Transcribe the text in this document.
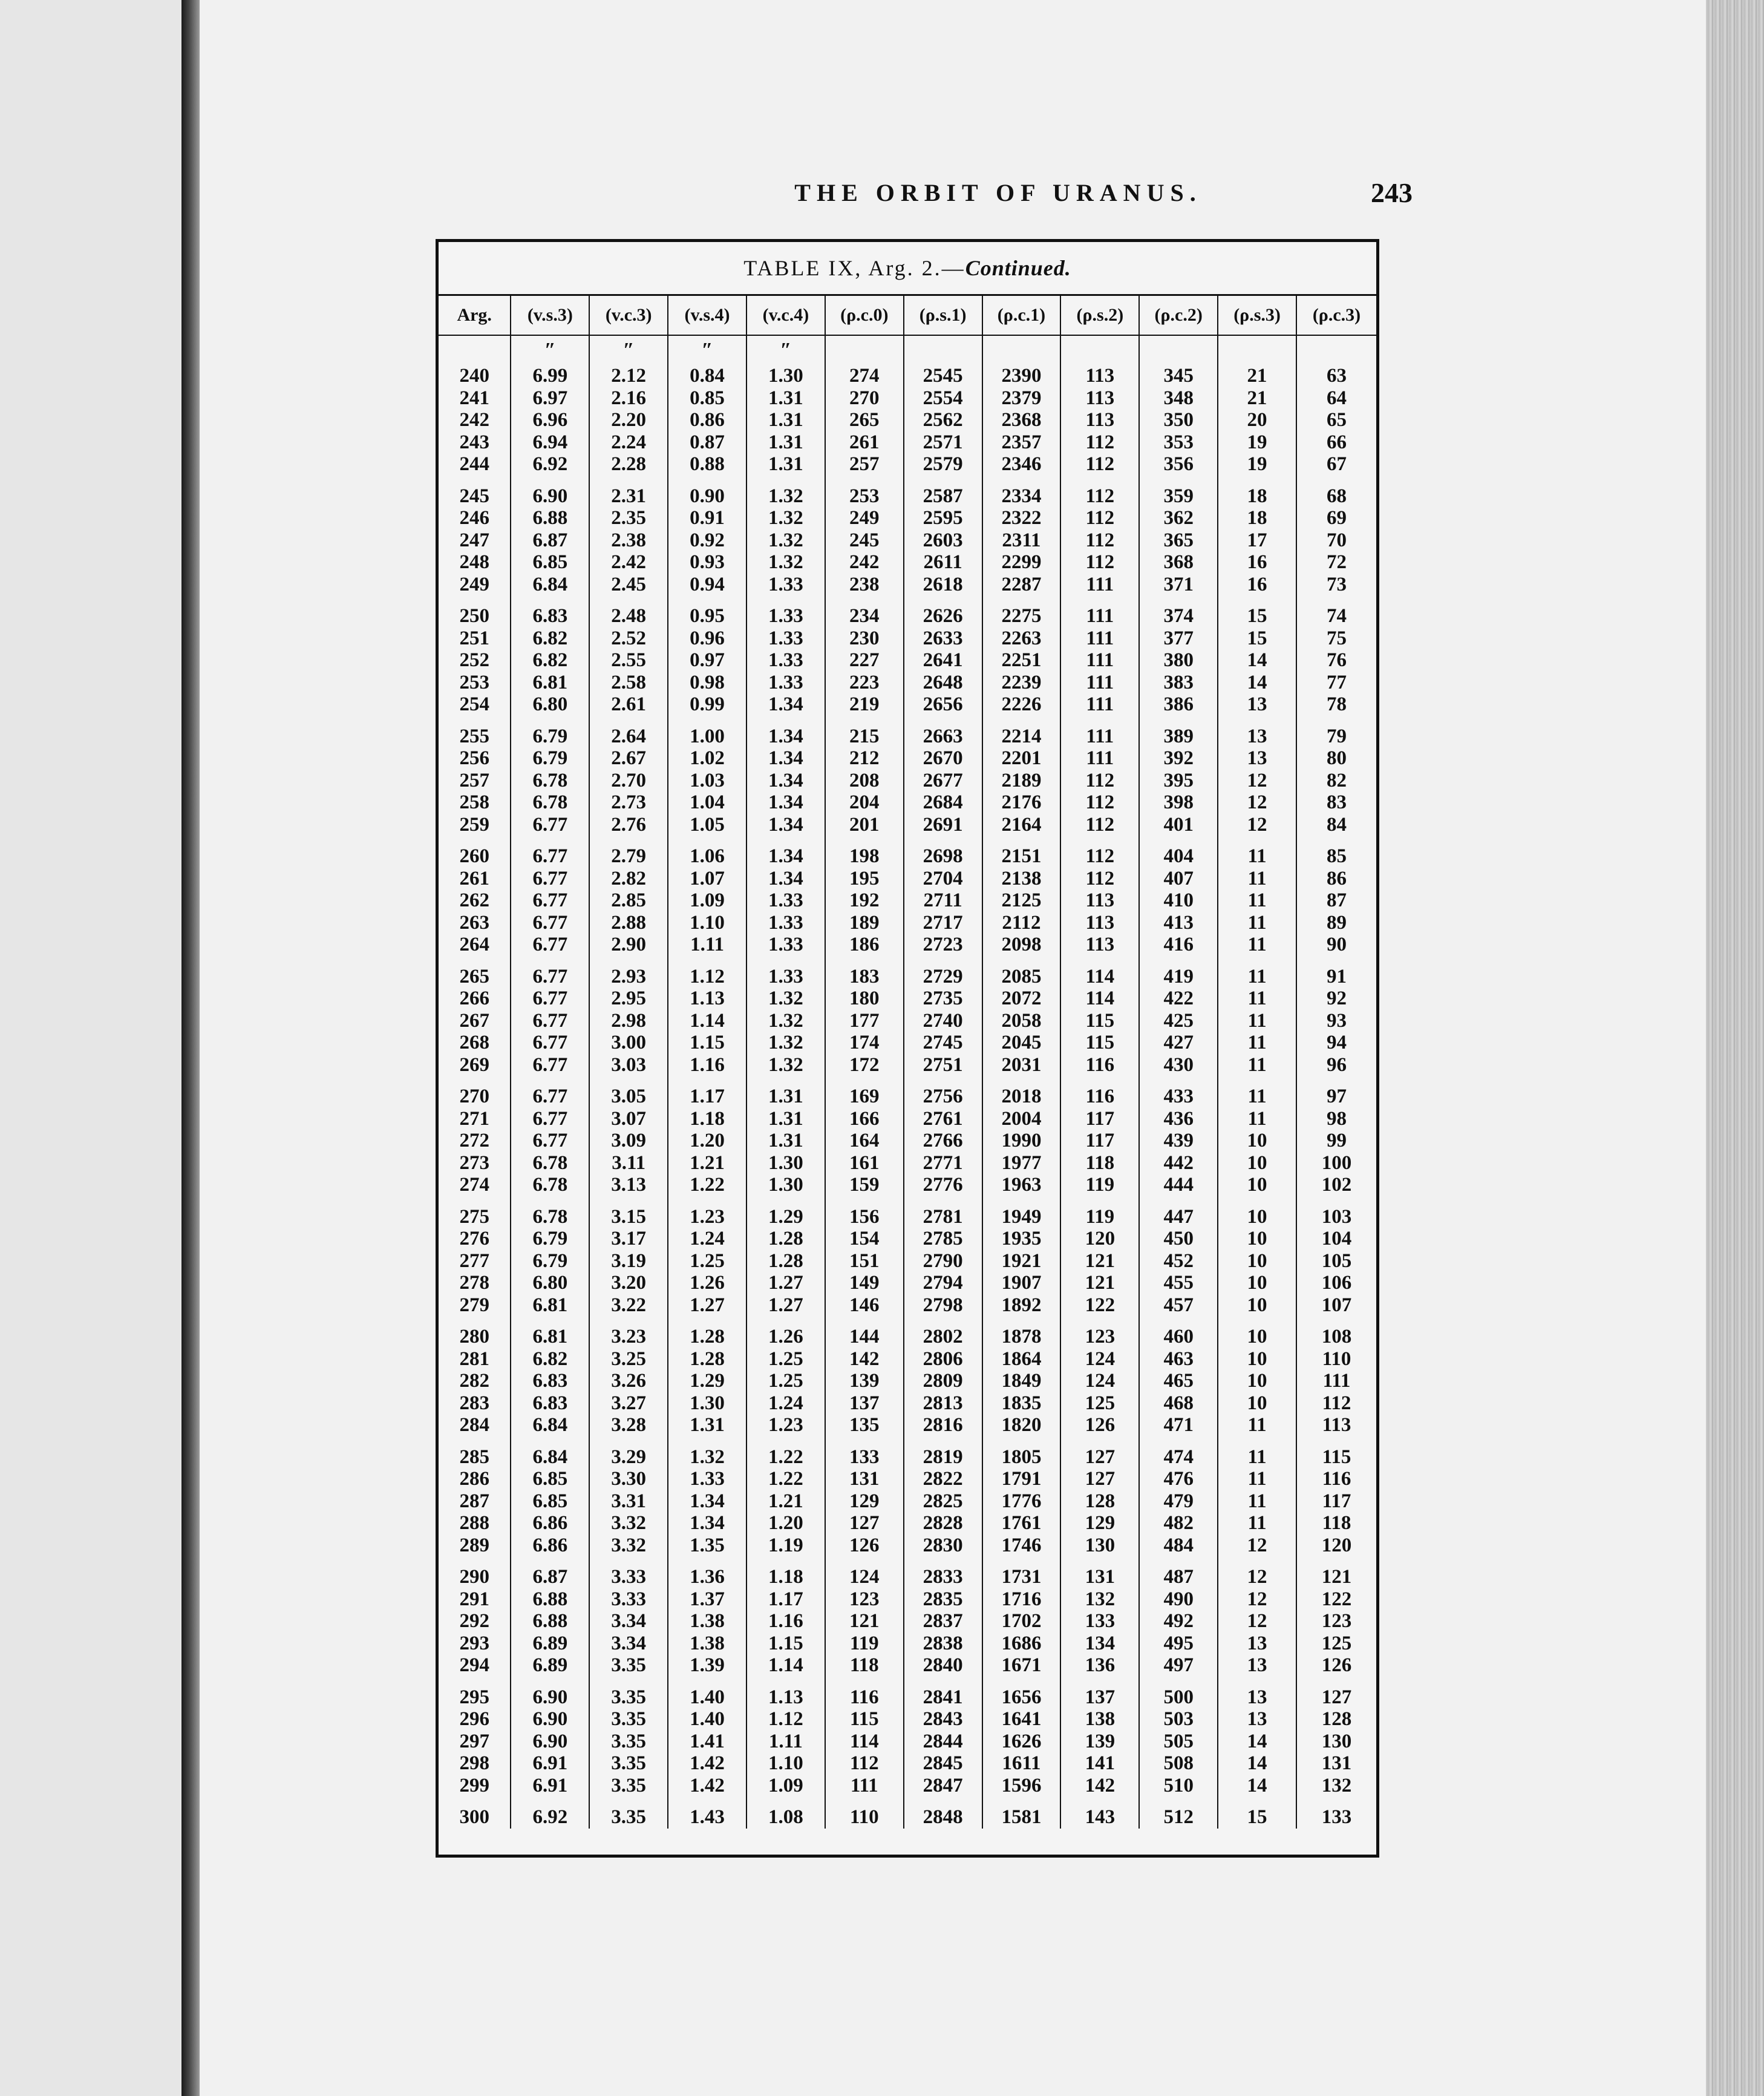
THE ORBIT OF URANUS.	243
TABLE IX, Arg. 2.—Continued.
Arg.	(v.s.3)	(v.c.3)	(v.s.4)	(v.c.4)	(ρ.c.0)	(ρ.s.1)	(ρ.c.1)	(ρ.s.2)	(ρ.c.2)	(ρ.s.3)	(ρ.c.3)
	″	″	″	″							
240	6.99	2.12	0.84	1.30	274	2545	2390	113	345	21	63
241	6.97	2.16	0.85	1.31	270	2554	2379	113	348	21	64
242	6.96	2.20	0.86	1.31	265	2562	2368	113	350	20	65
243	6.94	2.24	0.87	1.31	261	2571	2357	112	353	19	66
244	6.92	2.28	0.88	1.31	257	2579	2346	112	356	19	67

245	6.90	2.31	0.90	1.32	253	2587	2334	112	359	18	68
246	6.88	2.35	0.91	1.32	249	2595	2322	112	362	18	69
247	6.87	2.38	0.92	1.32	245	2603	2311	112	365	17	70
248	6.85	2.42	0.93	1.32	242	2611	2299	112	368	16	72
249	6.84	2.45	0.94	1.33	238	2618	2287	111	371	16	73

250	6.83	2.48	0.95	1.33	234	2626	2275	111	374	15	74
251	6.82	2.52	0.96	1.33	230	2633	2263	111	377	15	75
252	6.82	2.55	0.97	1.33	227	2641	2251	111	380	14	76
253	6.81	2.58	0.98	1.33	223	2648	2239	111	383	14	77
254	6.80	2.61	0.99	1.34	219	2656	2226	111	386	13	78

255	6.79	2.64	1.00	1.34	215	2663	2214	111	389	13	79
256	6.79	2.67	1.02	1.34	212	2670	2201	111	392	13	80
257	6.78	2.70	1.03	1.34	208	2677	2189	112	395	12	82
258	6.78	2.73	1.04	1.34	204	2684	2176	112	398	12	83
259	6.77	2.76	1.05	1.34	201	2691	2164	112	401	12	84

260	6.77	2.79	1.06	1.34	198	2698	2151	112	404	11	85
261	6.77	2.82	1.07	1.34	195	2704	2138	112	407	11	86
262	6.77	2.85	1.09	1.33	192	2711	2125	113	410	11	87
263	6.77	2.88	1.10	1.33	189	2717	2112	113	413	11	89
264	6.77	2.90	1.11	1.33	186	2723	2098	113	416	11	90

265	6.77	2.93	1.12	1.33	183	2729	2085	114	419	11	91
266	6.77	2.95	1.13	1.32	180	2735	2072	114	422	11	92
267	6.77	2.98	1.14	1.32	177	2740	2058	115	425	11	93
268	6.77	3.00	1.15	1.32	174	2745	2045	115	427	11	94
269	6.77	3.03	1.16	1.32	172	2751	2031	116	430	11	96

270	6.77	3.05	1.17	1.31	169	2756	2018	116	433	11	97
271	6.77	3.07	1.18	1.31	166	2761	2004	117	436	11	98
272	6.77	3.09	1.20	1.31	164	2766	1990	117	439	10	99
273	6.78	3.11	1.21	1.30	161	2771	1977	118	442	10	100
274	6.78	3.13	1.22	1.30	159	2776	1963	119	444	10	102

275	6.78	3.15	1.23	1.29	156	2781	1949	119	447	10	103
276	6.79	3.17	1.24	1.28	154	2785	1935	120	450	10	104
277	6.79	3.19	1.25	1.28	151	2790	1921	121	452	10	105
278	6.80	3.20	1.26	1.27	149	2794	1907	121	455	10	106
279	6.81	3.22	1.27	1.27	146	2798	1892	122	457	10	107

280	6.81	3.23	1.28	1.26	144	2802	1878	123	460	10	108
281	6.82	3.25	1.28	1.25	142	2806	1864	124	463	10	110
282	6.83	3.26	1.29	1.25	139	2809	1849	124	465	10	111
283	6.83	3.27	1.30	1.24	137	2813	1835	125	468	10	112
284	6.84	3.28	1.31	1.23	135	2816	1820	126	471	11	113

285	6.84	3.29	1.32	1.22	133	2819	1805	127	474	11	115
286	6.85	3.30	1.33	1.22	131	2822	1791	127	476	11	116
287	6.85	3.31	1.34	1.21	129	2825	1776	128	479	11	117
288	6.86	3.32	1.34	1.20	127	2828	1761	129	482	11	118
289	6.86	3.32	1.35	1.19	126	2830	1746	130	484	12	120

290	6.87	3.33	1.36	1.18	124	2833	1731	131	487	12	121
291	6.88	3.33	1.37	1.17	123	2835	1716	132	490	12	122
292	6.88	3.34	1.38	1.16	121	2837	1702	133	492	12	123
293	6.89	3.34	1.38	1.15	119	2838	1686	134	495	13	125
294	6.89	3.35	1.39	1.14	118	2840	1671	136	497	13	126

295	6.90	3.35	1.40	1.13	116	2841	1656	137	500	13	127
296	6.90	3.35	1.40	1.12	115	2843	1641	138	503	13	128
297	6.90	3.35	1.41	1.11	114	2844	1626	139	505	14	130
298	6.91	3.35	1.42	1.10	112	2845	1611	141	508	14	131
299	6.91	3.35	1.42	1.09	111	2847	1596	142	510	14	132

300	6.92	3.35	1.43	1.08	110	2848	1581	143	512	15	133
